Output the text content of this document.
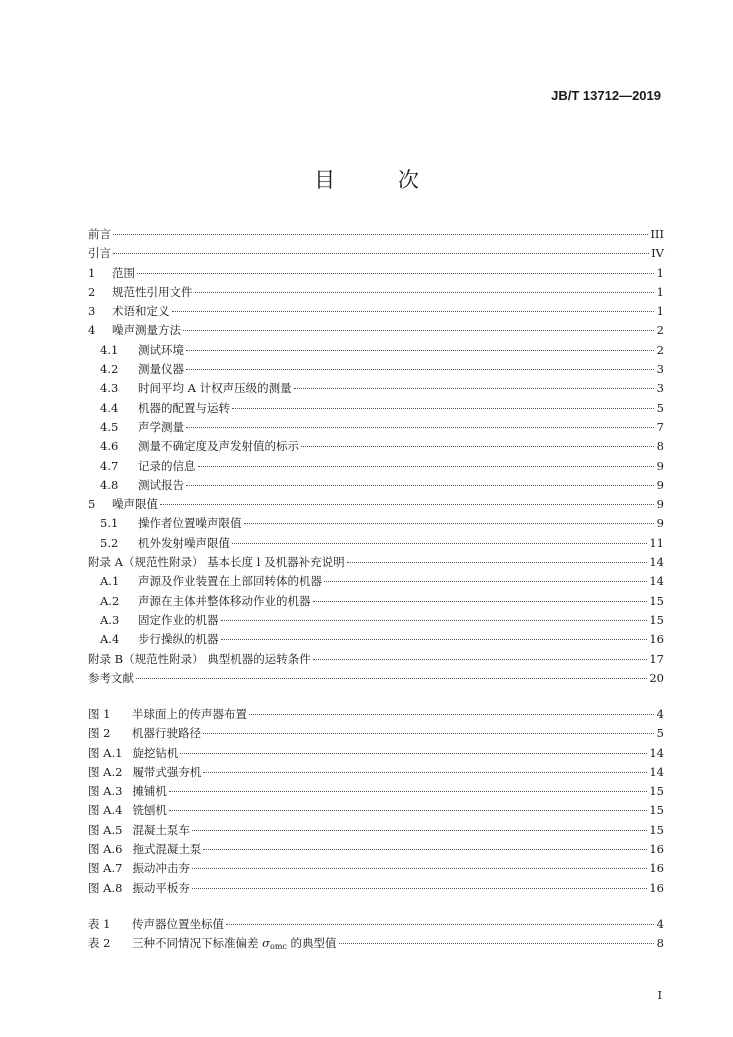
JB/T 13712—2019
目 次
前言	III
引言	IV
1	范围	1
2	规范性引用文件	1
3	术语和定义	1
4	噪声测量方法	2
4.1	测试环境	2
4.2	测量仪器	3
4.3	时间平均 A 计权声压级的测量	3
4.4	机器的配置与运转	5
4.5	声学测量	7
4.6	测量不确定度及声发射值的标示	8
4.7	记录的信息	9
4.8	测试报告	9
5	噪声限值	9
5.1	操作者位置噪声限值	9
5.2	机外发射噪声限值	11
附录 A（规范性附录） 基本长度 l 及机器补充说明	14
A.1	声源及作业装置在上部回转体的机器	14
A.2	声源在主体并整体移动作业的机器	15
A.3	固定作业的机器	15
A.4	步行操纵的机器	16
附录 B（规范性附录） 典型机器的运转条件	17
参考文献	20
图 1	半球面上的传声器布置	4
图 2	机器行驶路径	5
图 A.1 旋挖钻机	14
图 A.2 履带式强夯机	14
图 A.3 摊铺机	15
图 A.4 铣刨机	15
图 A.5 混凝土泵车	15
图 A.6 拖式混凝土泵	16
图 A.7 振动冲击夯	16
图 A.8 振动平板夯	16
表 1	传声器位置坐标值	4
表 2	三种不同情况下标准偏差 σomc 的典型值	8
I
